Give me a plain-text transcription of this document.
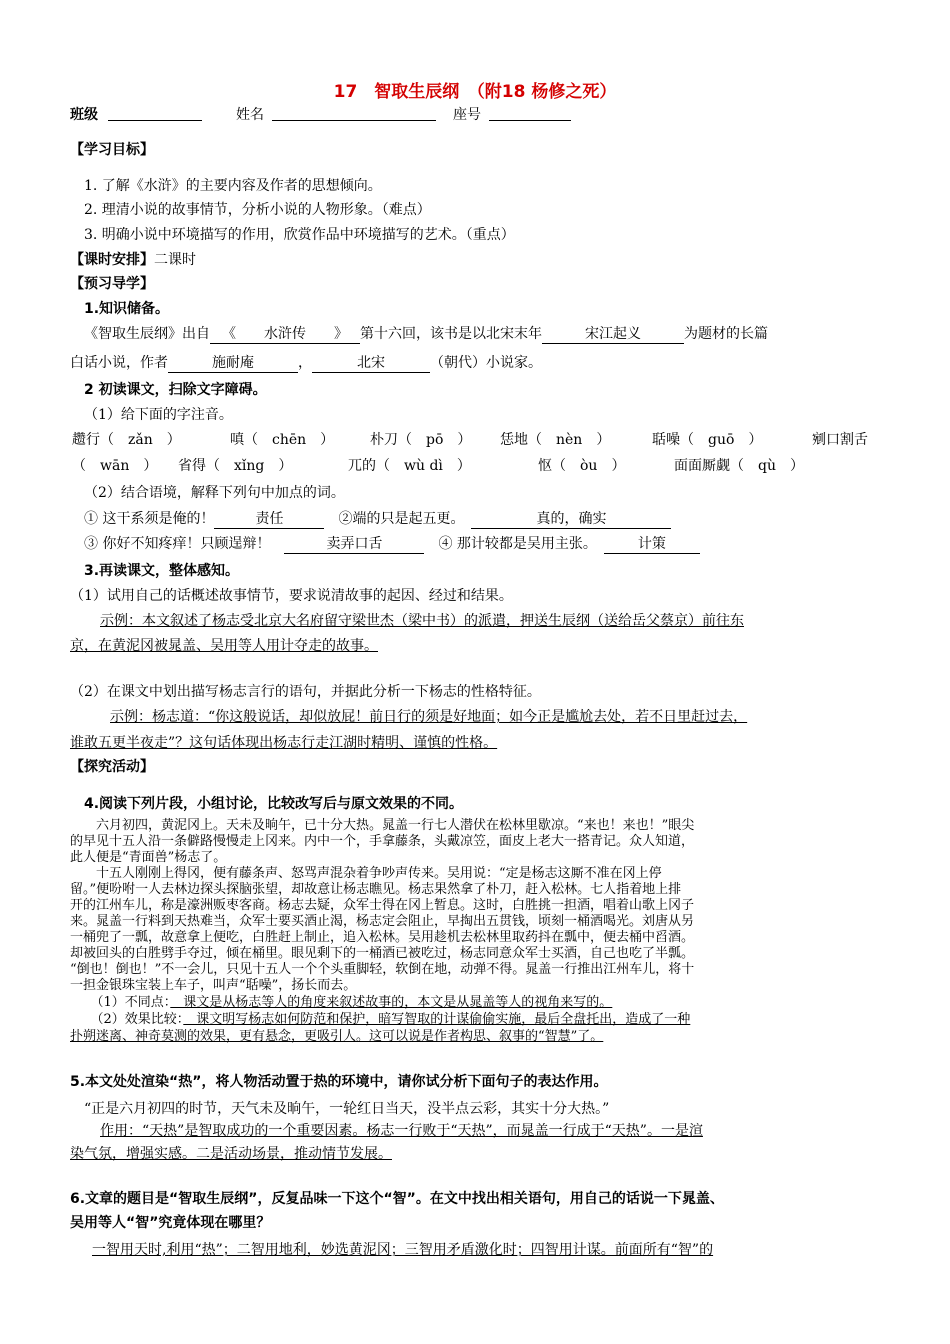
17　智取生辰纲　（附18 杨修之死）
班级	姓名	座号
【学习目标】
1. 了解《水浒》的主要内容及作者的思想倾向。
2. 理清小说的故事情节，分析小说的人物形象。（难点）
3. 明确小说中环境描写的作用，欣赏作品中环境描写的艺术。（重点）
【课时安排】二课时
【预习导学】
1.知识储备。
《智取生辰纲》出自 《　　水浒传　　》 第十六回，该书是以北宋末年	宋江起义	为题材的长篇
白话小说，作者	施耐庵	，	北宋	（朝代）小说家。
2 初读课文，扫除文字障碍。
（1）给下面的字注音。
趱行（　zǎn　）	嗔（　chēn　）	朴刀（　pō　） 恁地（　nèn　）	聒噪（　guō　）	剜口割舌
（　wān　） 省得（　xǐng　）	兀的（　wù dì　）	怄（　òu　）	面面厮觑（　qù　）
（2）结合语境，解释下列句中加点的词。
① 这干系须是俺的！	责任　	②端的只是起五更。　	真的，确实
③ 你好不知疼痒！只顾逞辩！　	卖弄口舌　	④ 那计较都是吴用主张。　	计策
3.再读课文，整体感知。
（1）试用自己的话概述故事情节，要求说清故事的起因、经过和结果。
示例：本文叙述了杨志受北京大名府留守梁世杰（梁中书）的派遣，押送生辰纲（送给岳父蔡京）前往东
京，在黄泥冈被晁盖、吴用等人用计夺走的故事。
（2）在课文中划出描写杨志言行的语句，并据此分析一下杨志的性格特征。
示例：杨志道：“你这般说话，却似放屁！前日行的须是好地面；如今正是尴尬去处，若不日里赶过去，
谁敢五更半夜走”？这句话体现出杨志行走江湖时精明、谨慎的性格。
【探究活动】
4.阅读下列片段，小组讨论，比较改写后与原文效果的不同。
　　六月初四，黄泥冈上。天未及晌午，已十分大热。晁盖一行七人潜伏在松林里歇凉。“来也！来也！”眼尖
的早见十五人沿一条僻路慢慢走上冈来。内中一个，手拿藤条，头戴凉笠，面皮上老大一搭青记。众人知道，
此人便是“青面兽”杨志了。
　　十五人刚刚上得冈，便有藤条声、怒骂声混杂着争吵声传来。吴用说：“定是杨志这厮不准在冈上停
留。”便吩咐一人去林边探头探脑张望，却故意让杨志瞧见。杨志果然拿了朴刀，赶入松林。七人指着地上排
开的江州车儿，称是濠洲贩枣客商。杨志去疑，众军士得在冈上暂息。这时，白胜挑一担酒，唱着山歌上冈子
来。晁盖一行料到天热难当，众军士要买酒止渴，杨志定会阻止，早掏出五贯钱，顷刻一桶酒喝光。刘唐从另
一桶兜了一瓢，故意拿上便吃，白胜赶上制止，追入松林。吴用趁机去松林里取药抖在瓢中，便去桶中舀酒。
却被回头的白胜劈手夺过，倾在桶里。眼见剩下的一桶酒已被吃过，杨志同意众军士买酒，自己也吃了半瓢。
“倒也！倒也！”不一会儿，只见十五人一个个头重脚轻，软倒在地，动弹不得。晁盖一行推出江州车儿，将十
一担金银珠宝装上车子，叫声“聒噪”，扬长而去。
　（1）不同点：　课文是从杨志等人的角度来叙述故事的，本文是从晁盖等人的视角来写的。
　（2）效果比较：　课文明写杨志如何防范和保护，暗写智取的计谋偷偷实施，最后全盘托出，造成了一种
扑朔迷离、神奇莫测的效果，更有悬念，更吸引人。这可以说是作者构思、叙事的“智慧”了。
5.本文处处渲染“热”，将人物活动置于热的环境中，请你试分析下面句子的表达作用。
“正是六月初四的时节，天气未及晌午，一轮红日当天，没半点云彩，其实十分大热。”
作用：“天热”是智取成功的一个重要因素。杨志一行败于“天热”，而晁盖一行成于“天热”。一是渲
染气氛，增强实感。二是活动场景，推动情节发展。
6.文章的题目是“智取生辰纲”，反复品味一下这个“智”。在文中找出相关语句，用自己的话说一下晁盖、
吴用等人“智”究竟体现在哪里？
一智用天时,利用“热”；二智用地利，妙选黄泥冈；三智用矛盾激化时；四智用计谋。前面所有“智”的
